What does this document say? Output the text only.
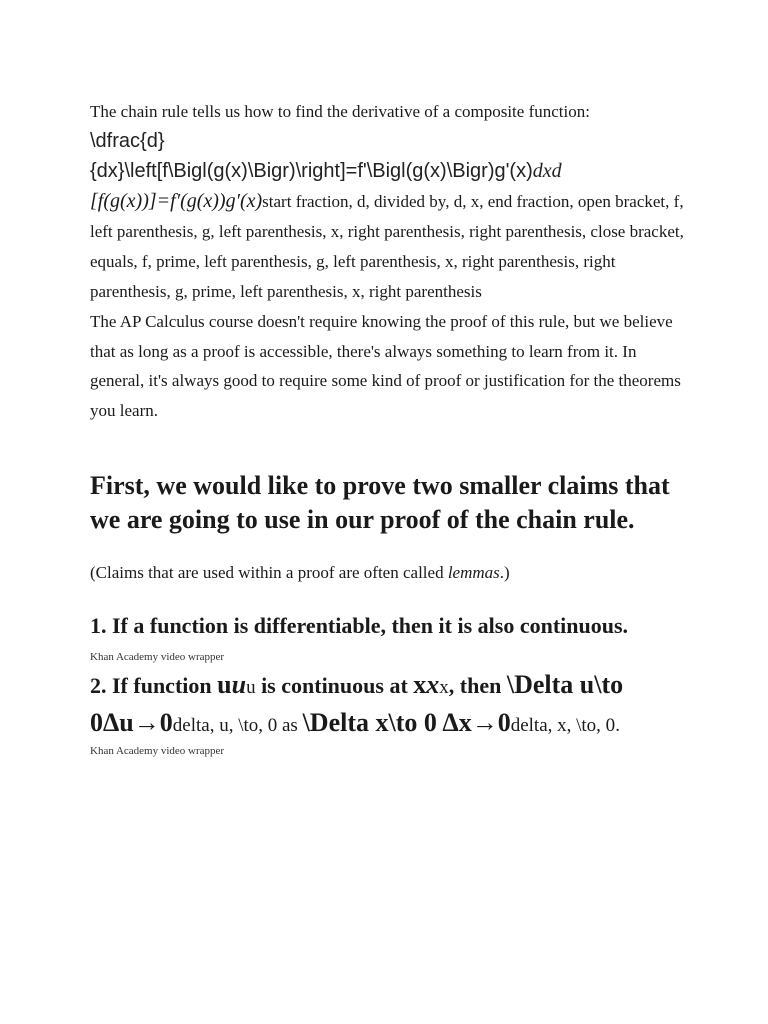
The chain rule tells us how to find the derivative of a composite function:

\dfrac{d}

{dx}\left[f\Bigl(g(x)\Bigr)\right]=f'\Bigl(g(x)\Bigr)g'(x)dxd

[f(g(x))]=f′(g(x))g′(x)start fraction, d, divided by, d, x, end fraction, open bracket, f, left parenthesis, g, left parenthesis, x, right parenthesis, right parenthesis, close bracket, equals, f, prime, left parenthesis, g, left parenthesis, x, right parenthesis, right parenthesis, g, prime, left parenthesis, x, right parenthesis

The AP Calculus course doesn't require knowing the proof of this rule, but we believe that as long as a proof is accessible, there's always something to learn from it. In general, it's always good to require some kind of proof or justification for the theorems you learn.

First, we would like to prove two smaller claims that we are going to use in our proof of the chain rule.

(Claims that are used within a proof are often called lemmas.)

1. If a function is differentiable, then it is also continuous.

Khan Academy video wrapper

2. If function uuu is continuous at xxx, then \Delta u\to 0Δu→0delta, u, \to, 0 as \Delta x\to 0 Δx→0delta, x, \to, 0.

Khan Academy video wrapper
